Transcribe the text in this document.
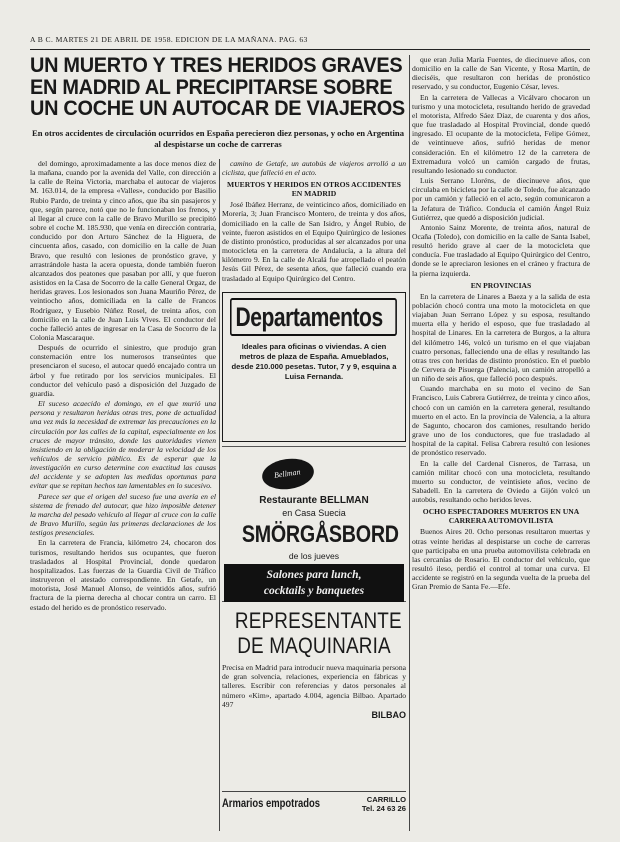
A B C. MARTES 21 DE ABRIL DE 1958. EDICION DE LA MAÑANA. PAG. 63
UN MUERTO Y TRES HERIDOS GRAVES
EN MADRID AL PRECIPITARSE SOBRE
UN COCHE UN AUTOCAR DE VIAJEROS
En otros accidentes de circulación ocurridos en España perecieron diez personas, y ocho en Argentina al despistarse un coche de carreras

del domingo, aproximadamente a las doce menos diez de la mañana, cuando por la avenida del Valle, con dirección a la calle de Reina Victoria, marchaba el autocar de viajeros M. 163.014, de la empresa «Valles», conducido por Basilio Rubio Pardo, de treinta y cinco años, que iba sin pasajeros y que, según parece, notó que no le funcionaban los frenos, y al llegar al cruce con la calle de Bravo Murillo se precipitó sobre el coche M. 185.930, que venía en dirección contraria, conducido por don Arturo Sánchez de la Higuera, de cincuenta años, casado, con domicilio en la calle de Juan Bravo, que resultó con lesiones de pronóstico grave, y arrastrándole hasta la acera opuesta, donde también fueron alcanzados dos peatones que pasaban por allí, y que fueron asistidos en la Casa de Socorro de la calle General Orgaz, de heridas graves. Los lesionados son Juana Mauriño Pérez, de veintiocho años, domiciliada en la calle de Francos Rodríguez, y Eusebio Núñez Rosel, de treinta años, con domicilio en la calle de Juan Luis Vives. El conductor del coche falleció antes de ingresar en la Casa de Socorro de la Colonia Mascaraque.

Después de ocurrido el siniestro, que produjo gran consternación entre los numerosos transeúntes que presenciaron el suceso, el autocar quedó encajado contra un árbol y fue retirado por los servicios municipales. El conductor del vehículo pasó a disposición del Juzgado de guardia.

El suceso acaecido el domingo, en el que murió una persona y resultaron heridas otras tres, pone de actualidad una vez más la necesidad de extremar las precauciones en la circulación por las calles de la capital, especialmente en los cruces de mayor tránsito, donde las autoridades vienen insistiendo en la obligación de moderar la velocidad de los vehículos de servicio público. Es de esperar que la investigación en curso determine con exactitud las causas del accidente y se adopten las medidas oportunas para evitar que se repitan hechos tan lamentables en lo sucesivo.

Parece ser que el origen del suceso fue una avería en el sistema de frenado del autocar, que hizo imposible detener la marcha del pesado vehículo al llegar al cruce con la calle de Bravo Murillo, según las primeras declaraciones de los testigos presenciales.

En la carretera de Francia, kilómetro 24, chocaron dos turismos, resultando heridos sus ocupantes, que fueron trasladados al Hospital Provincial, donde quedaron hospitalizados. Las fuerzas de la Guardia Civil de Tráfico instruyeron el atestado correspondiente. En Getafe, un motorista, José Manuel Alonso, de veintidós años, sufrió fractura de la pierna derecha al chocar contra un carro. El estado del herido es de pronóstico reservado.

camino de Getafe, un autobús de viajeros arrolló a un ciclista, que falleció en el acto.

MUERTOS Y HERIDOS EN OTROS ACCIDENTES EN MADRID

José Ibáñez Herranz, de veinticinco años, domiciliado en Morería, 3; Juan Francisco Montero, de treinta y dos años, domiciliado en la calle de San Isidro, y Ángel Rubio, de veinte, fueron asistidos en el Equipo Quirúrgico de lesiones de distinto pronóstico, producidas al ser alcanzados por una motocicleta en la carretera de Andalucía, a la altura del kilómetro 9. En la calle de Alcalá fue atropellado el peatón Jesús Gil Pérez, de sesenta años, que falleció cuando era trasladado al Equipo Quirúrgico del Centro.

Departamentos
Ideales para oficinas o viviendas. A cien metros de plaza de España. Amueblados, desde 210.000 pesetas. Tutor, 7 y 9, esquina a Luisa Fernanda.
Bellman
Restaurante BELLMAN
en Casa Suecia
SMÖRGÅSBORD
de los jueves
Salones para lunch,
cocktails y banquetes
REPRESENTANTE
DE MAQUINARIA
Precisa en Madrid para introducir nueva maquinaria persona de gran solvencia, relaciones, experiencia en fábricas y talleres. Escribir con referencias y datos personales al número «Kim», apartado 4.004, agencia Bilbao. Apartado 497
BILBAO
Armarios empotrados	CARRILLO
Tel. 24 63 26

que eran Julia María Fuentes, de diecinueve años, con domicilio en la calle de San Vicente, y Rosa Martín, de dieciséis, que resultaron con heridas de pronóstico reservado, y su conductor, Eugenio César, leves.

En la carretera de Vallecas a Vicálvaro chocaron un turismo y una motocicleta, resultando herido de gravedad el motorista, Alfredo Sáez Díaz, de cuarenta y dos años, que fue trasladado al Hospital Provincial, donde quedó ingresado. El ocupante de la motocicleta, Felipe Gómez, de veintinueve años, sufrió heridas de menor consideración. En el kilómetro 12 de la carretera de Extremadura volcó un camión cargado de frutas, resultando lesionado su conductor.

Luis Serrano Lloréns, de diecinueve años, que circulaba en bicicleta por la calle de Toledo, fue alcanzado por un camión y falleció en el acto, según comunicaron a la Jefatura de Tráfico. Conducía el camión Ángel Ruiz Gutiérrez, que quedó a disposición judicial.

Antonio Sainz Morente, de treinta años, natural de Ocaña (Toledo), con domicilio en la calle de Santa Isabel, resultó herido grave al caer de la motocicleta que conducía. Fue trasladado al Equipo Quirúrgico del Centro, donde se le apreciaron lesiones en el cráneo y fractura de la pierna izquierda.

EN PROVINCIAS

En la carretera de Linares a Baeza y a la salida de esta población chocó contra una moto la motocicleta en que viajaban Juan Serrano López y su esposa, resultando muerta ella y herido el esposo, que fue trasladado al hospital de Linares. En la carretera de Burgos, a la altura del kilómetro 146, volcó un turismo en el que viajaban cuatro personas, falleciendo una de ellas y resultando las otras tres con heridas de distinto pronóstico. En el pueblo de Cervera de Pisuerga (Palencia), un camión atropelló a un niño de seis años, que falleció poco después.

Cuando marchaba en su moto el vecino de San Francisco, Luis Cabrera Gutiérrez, de treinta y cinco años, chocó con un camión en la carretera general, resultando muerto en el acto. En la provincia de Valencia, a la altura de Sagunto, chocaron dos camiones, resultando herido grave uno de los conductores, que fue trasladado al hospital de la capital. Felisa Cabrera resultó con lesiones de pronóstico reservado.

En la calle del Cardenal Cisneros, de Tarrasa, un camión militar chocó con una motocicleta, resultando muerto su conductor, de veintisiete años, vecino de Sabadell. En la carretera de Oviedo a Gijón volcó un autobús, resultando ocho heridos leves.

OCHO ESPECTADORES MUERTOS EN UNA CARRERA AUTOMOVILISTA

Buenos Aires 20. Ocho personas resultaron muertas y otras veinte heridas al despistarse un coche de carreras que participaba en una prueba automovilista celebrada en las cercanías de Rosario. El conductor del vehículo, que resultó ileso, perdió el control al tomar una curva. El accidente se registró en la segunda vuelta de la prueba del Gran Premio de Santa Fe.—Efe.
